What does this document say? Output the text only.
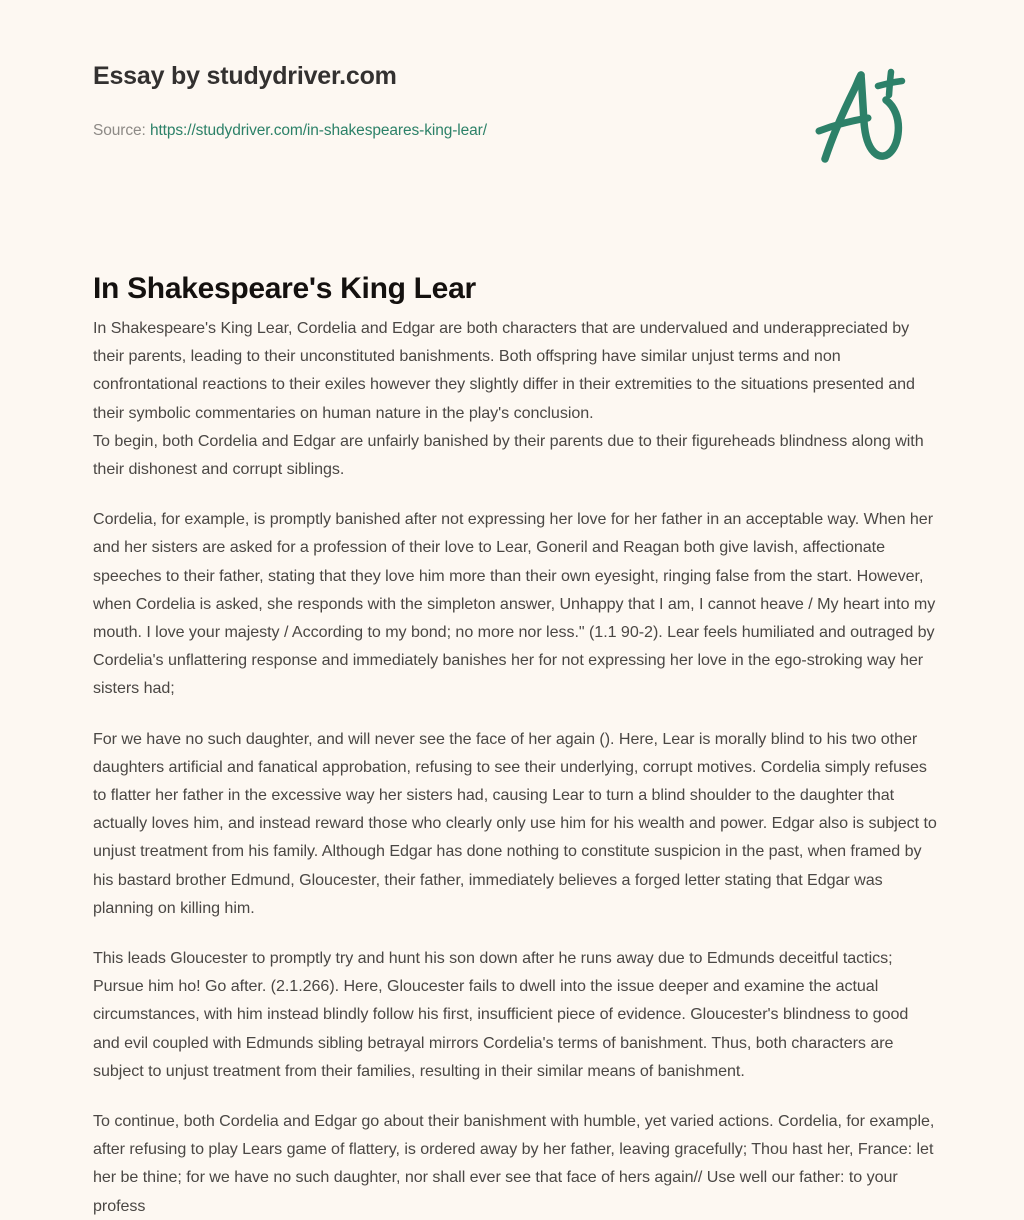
Essay by studydriver.com
Source: https://studydriver.com/in-shakespeares-king-lear/
In Shakespeare's King Lear

In Shakespeare's King Lear, Cordelia and Edgar are both characters that are undervalued and underappreciated by their parents, leading to their unconstituted banishments. Both offspring have similar unjust terms and non confrontational reactions to their exiles however they slightly differ in their extremities to the situations presented and their symbolic commentaries on human nature in the play's conclusion.

To begin, both Cordelia and Edgar are unfairly banished by their parents due to their figureheads blindness along with their dishonest and corrupt siblings.

Cordelia, for example, is promptly banished after not expressing her love for her father in an acceptable way. When her and her sisters are asked for a profession of their love to Lear, Goneril and Reagan both give lavish, affectionate speeches to their father, stating that they love him more than their own eyesight, ringing false from the start. However, when Cordelia is asked, she responds with the simpleton answer, Unhappy that I am, I cannot heave / My heart into my mouth. I love your majesty / According to my bond; no more nor less." (1.1 90-2). Lear feels humiliated and outraged by Cordelia's unflattering response and immediately banishes her for not expressing her love in the ego-stroking way her sisters had;

For we have no such daughter, and will never see the face of her again (). Here, Lear is morally blind to his two other daughters artificial and fanatical approbation, refusing to see their underlying, corrupt motives. Cordelia simply refuses to flatter her father in the excessive way her sisters had, causing Lear to turn a blind shoulder to the daughter that actually loves him, and instead reward those who clearly only use him for his wealth and power. Edgar also is subject to unjust treatment from his family. Although Edgar has done nothing to constitute suspicion in the past, when framed by his bastard brother Edmund, Gloucester, their father, immediately believes a forged letter stating that Edgar was planning on killing him.

This leads Gloucester to promptly try and hunt his son down after he runs away due to Edmunds deceitful tactics; Pursue him ho! Go after. (2.1.266). Here, Gloucester fails to dwell into the issue deeper and examine the actual circumstances, with him instead blindly follow his first, insufficient piece of evidence. Gloucester's blindness to good and evil coupled with Edmunds sibling betrayal mirrors Cordelia's terms of banishment. Thus, both characters are subject to unjust treatment from their families, resulting in their similar means of banishment.

To continue, both Cordelia and Edgar go about their banishment with humble, yet varied actions. Cordelia, for example, after refusing to play Lears game of flattery, is ordered away by her father, leaving gracefully; Thou hast her, France: let her be thine; for we have no such daughter, nor shall ever see that face of hers again// Use well our father: to your profess
